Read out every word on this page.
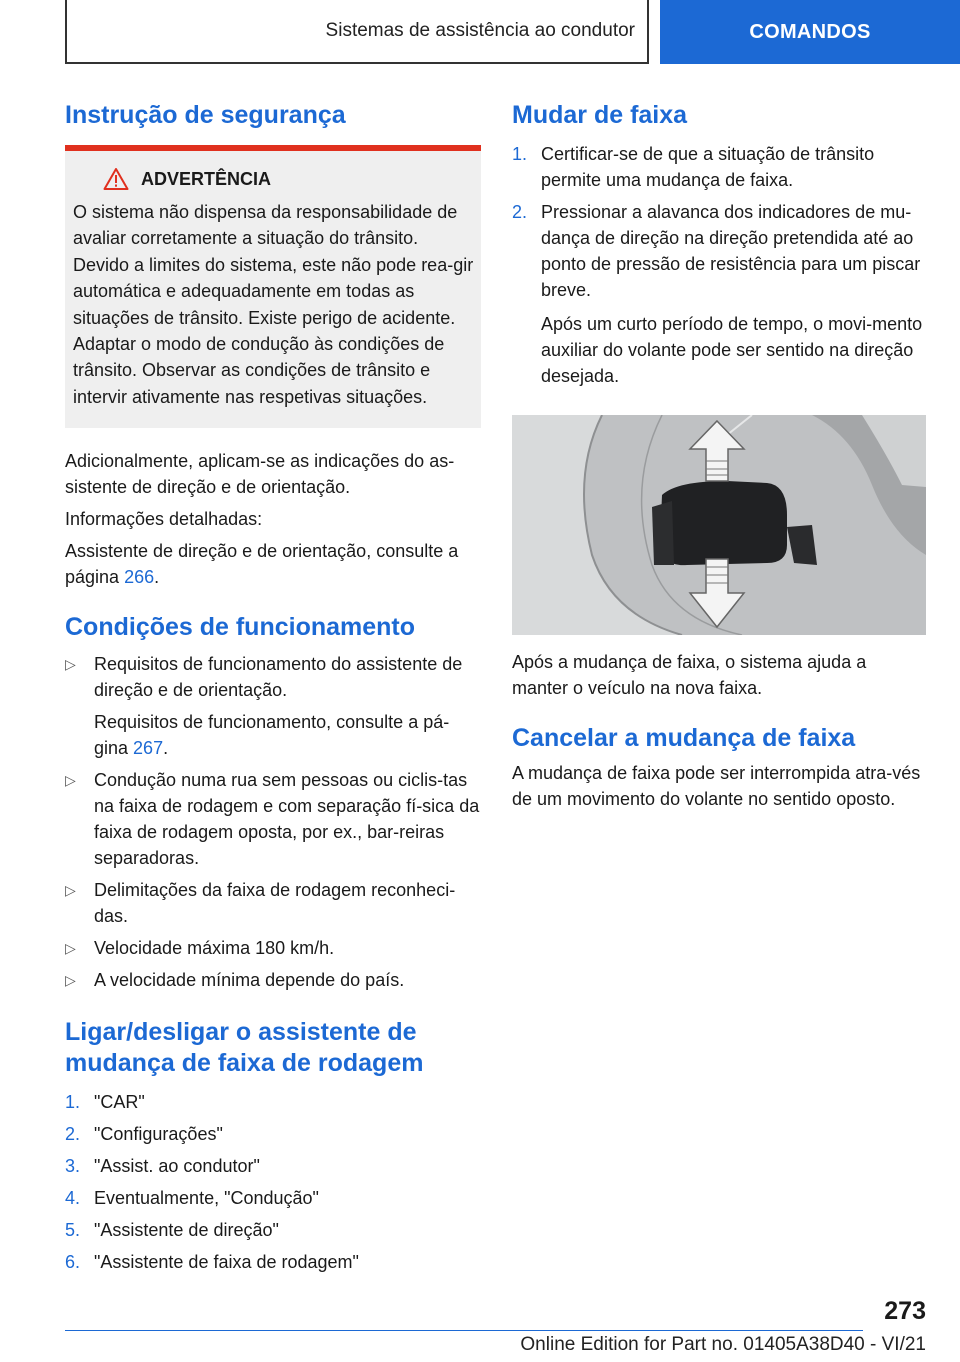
Sistemas de assistência ao condutor	COMANDOS
Instrução de segurança
ADVERTÊNCIA

O sistema não dispensa da responsabilidade de avaliar corretamente a situação do trânsito. Devido a limites do sistema, este não pode rea-gir automática e adequadamente em todas as situações de trânsito. Existe perigo de acidente. Adaptar o modo de condução às condições de trânsito. Observar as condições de trânsito e intervir ativamente nas respetivas situações.

Adicionalmente, aplicam-se as indicações do as-sistente de direção e de orientação.

Informações detalhadas:

Assistente de direção e de orientação, consulte a página 266.

Condições de funcionamento
▷ Requisitos de funcionamento do assistente de direção e de orientação.
Requisitos de funcionamento, consulte a pá-gina 267.
▷ Condução numa rua sem pessoas ou ciclis-tas na faixa de rodagem e com separação fí-sica da faixa de rodagem oposta, por ex., bar-reiras separadoras.
▷ Delimitações da faixa de rodagem reconheci-das.
▷ Velocidade máxima 180 km/h.
▷ A velocidade mínima depende do país.
Ligar/desligar o assistente de mudança de faixa de rodagem
1. "CAR"
2. "Configurações"
3. "Assist. ao condutor"
4. Eventualmente, "Condução"
5. "Assistente de direção"
6. "Assistente de faixa de rodagem"
Mudar de faixa
1. Certificar-se de que a situação de trânsito permite uma mudança de faixa.
2. Pressionar a alavanca dos indicadores de mu-dança de direção na direção pretendida até ao ponto de pressão de resistência para um piscar breve.
Após um curto período de tempo, o movi-mento auxiliar do volante pode ser sentido na direção desejada.

Após a mudança de faixa, o sistema ajuda a manter o veículo na nova faixa.

Cancelar a mudança de faixa

A mudança de faixa pode ser interrompida atra-vés de um movimento do volante no sentido oposto.

273
Online Edition for Part no. 01405A38D40 - VI/21
